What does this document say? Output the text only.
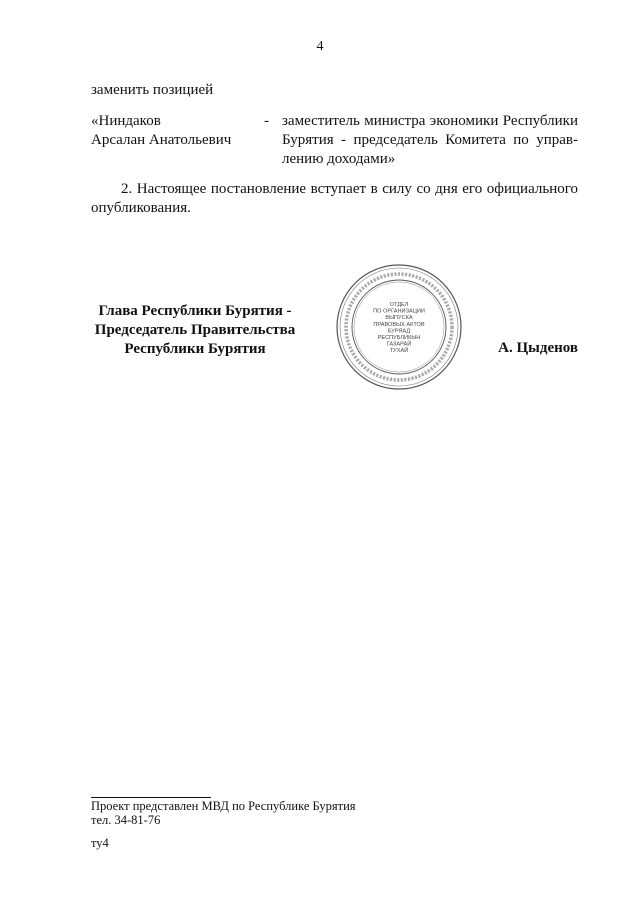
4
заменить позицией
«Ниндаков
Арсалан Анатольевич
- заместитель министра экономики Республики
Бурятия - председатель Комитета по управ-
лению доходами»
2. Настоящее постановление вступает в силу со дня его официального опубликования.
Глава Республики Бурятия -
Председатель Правительства
Республики Бурятия
ОТДЕЛ
ПО ОРГАНИЗАЦИИ
ВЫПУСКА
ПРАВОВЫХ АКТОВ
БУРЯАД
РЕСПУБЛИКЫН
ГАЗАРАЙ
ТУХАЙ	А. Цыденов
Проект представлен МВД по Республике Бурятия
тел. 34-81-76
ту4
